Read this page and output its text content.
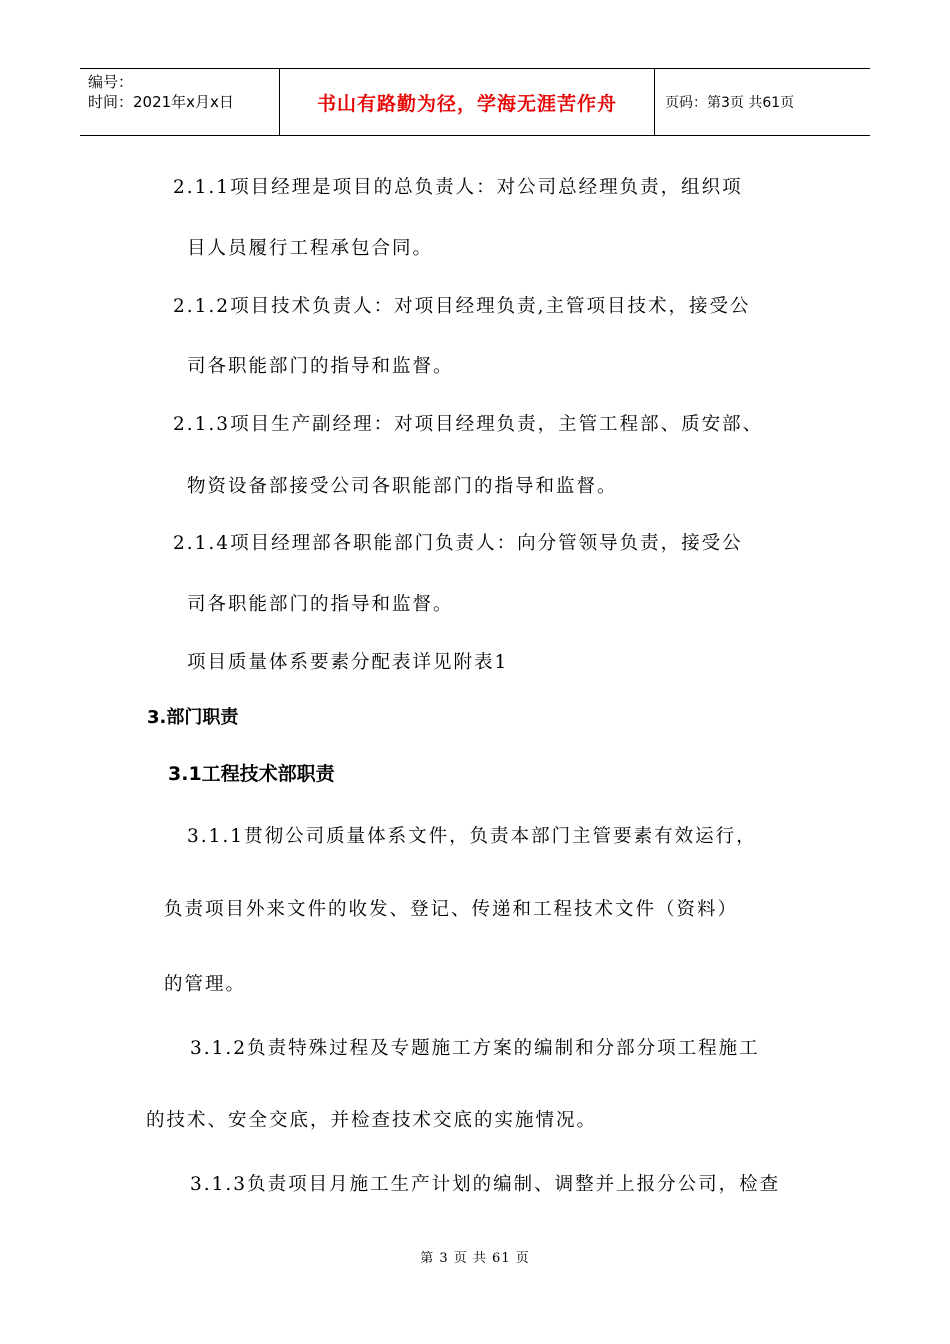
编号：
时间：2021年x月x日	书山有路勤为径，学海无涯苦作舟	页码：第3页 共61页
2.1.1项目经理是项目的总负责人：对公司总经理负责，组织项
目人员履行工程承包合同。
2.1.2项目技术负责人：对项目经理负责,主管项目技术，接受公
司各职能部门的指导和监督。
2.1.3项目生产副经理：对项目经理负责，主管工程部、质安部、
物资设备部接受公司各职能部门的指导和监督。
2.1.4项目经理部各职能部门负责人：向分管领导负责，接受公
司各职能部门的指导和监督。
项目质量体系要素分配表详见附表1
3.部门职责
3.1工程技术部职责
3.1.1贯彻公司质量体系文件，负责本部门主管要素有效运行，
负责项目外来文件的收发、登记、传递和工程技术文件（资料）
的管理。
3.1.2负责特殊过程及专题施工方案的编制和分部分项工程施工
的技术、安全交底，并检查技术交底的实施情况。
3.1.3负责项目月施工生产计划的编制、调整并上报分公司，检查
第 3 页 共 61 页
